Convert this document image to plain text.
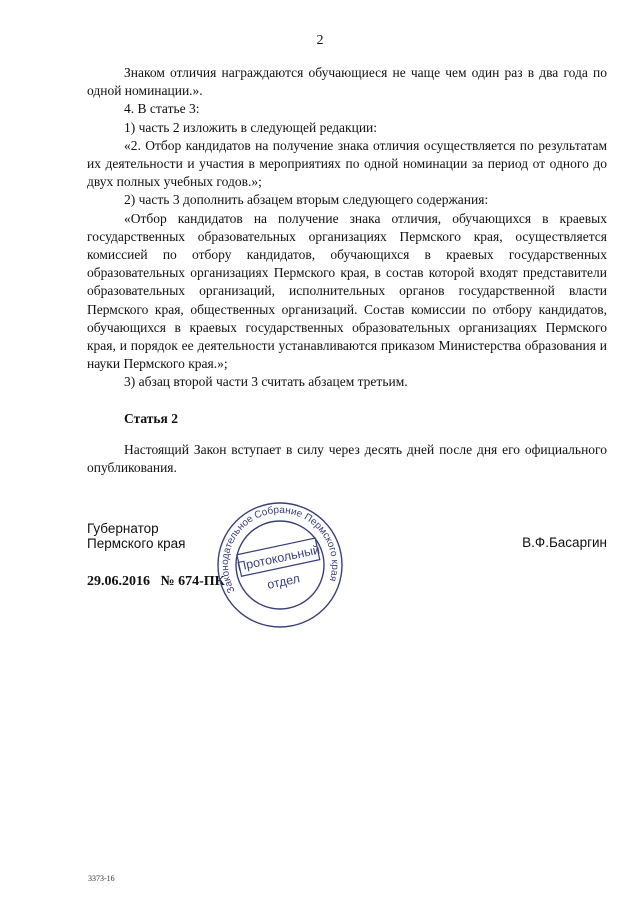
2

Знаком отличия награждаются обучающиеся не чаще чем один раз в два года по одной номинации.».

4. В статье 3:

1) часть 2 изложить в следующей редакции:

«2. Отбор кандидатов на получение знака отличия осуществляется по результатам их деятельности и участия в мероприятиях по одной номинации за период от одного до двух полных учебных годов.»;

2) часть 3 дополнить абзацем вторым следующего содержания:

«Отбор кандидатов на получение знака отличия, обучающихся в краевых государственных образовательных организациях Пермского края, осуществляется комиссией по отбору кандидатов, обучающихся в краевых государственных образовательных организациях Пермского края, в состав которой входят представители образовательных организаций, исполнительных органов государственной власти Пермского края, общественных организаций. Состав комиссии по отбору кандидатов, обучающихся в краевых государственных образовательных организациях Пермского края, и порядок ее деятельности устанавливаются приказом Министерства образования и науки Пермского края.»;

3) абзац второй части 3 считать абзацем третьим.

Статья 2

Настоящий Закон вступает в силу через десять дней после дня его официального опубликования.

Губернатор
Пермского края	В.Ф.Басаргин
29.06.2016 № 674-ПК
Законодательное Собрание Пермского края
Протокольный
отдел
3373-16
